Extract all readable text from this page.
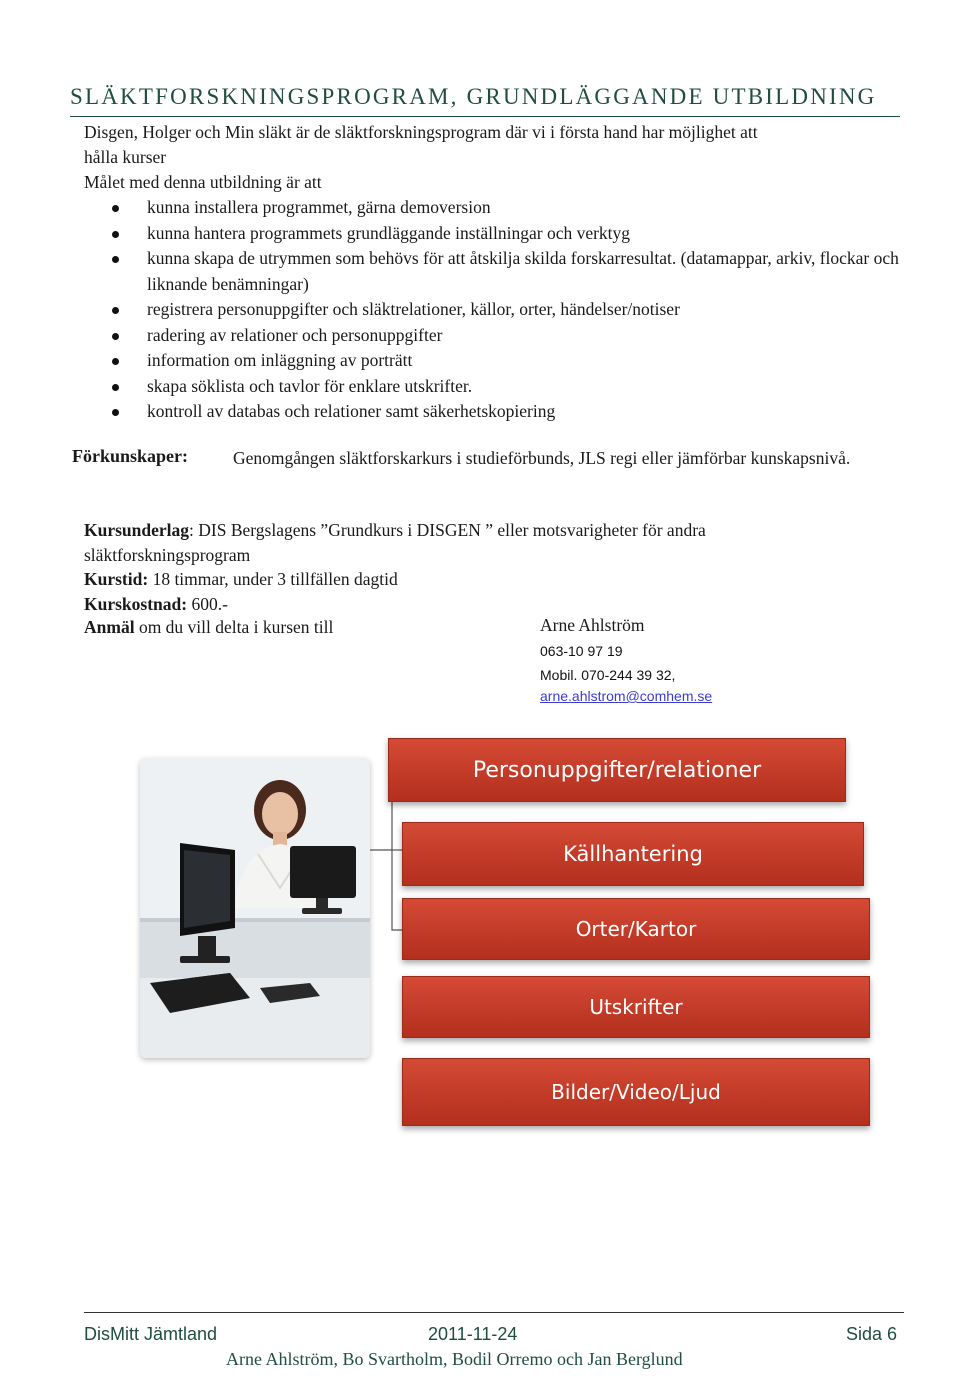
SLÄKTFORSKNINGSPROGRAM, GRUNDLÄGGANDE UTBILDNING
Disgen, Holger och Min släkt är de släktforskningsprogram där vi i första hand har möjlighet att
hålla kurser
Målet med denna utbildning är att
kunna installera programmet, gärna demoversion
kunna hantera programmets grundläggande inställningar och verktyg
kunna skapa de utrymmen som behövs för att åtskilja skilda forskarresultat. (datamappar, arkiv, flockar och liknande benämningar)
registrera personuppgifter och släktrelationer, källor, orter, händelser/notiser
radering av relationer och personuppgifter
information om inläggning av porträtt
skapa söklista och tavlor för enklare utskrifter.
kontroll av databas och relationer samt säkerhetskopiering
Förkunskaper:	Genomgången släktforskarkurs i studieförbunds, JLS regi eller jämförbar kunskapsnivå.
Kursunderlag: DIS Bergslagens ”Grundkurs i DISGEN ” eller motsvarigheter för andra släktforskningsprogram
Kurstid: 18 timmar, under 3 tillfällen dagtid
Kurskostnad: 600.-
Anmäl om du vill delta i kursen till	Arne Ahlström
063-10 97 19
Mobil. 070-244 39 32,
arne.ahlstrom@comhem.se
Personuppgifter/relationer
Källhantering
Orter/Kartor
Utskrifter
Bilder/Video/Ljud
DisMitt Jämtland	2011-11-24	Sida 6
Arne Ahlström, Bo Svartholm, Bodil Orremo och Jan Berglund
